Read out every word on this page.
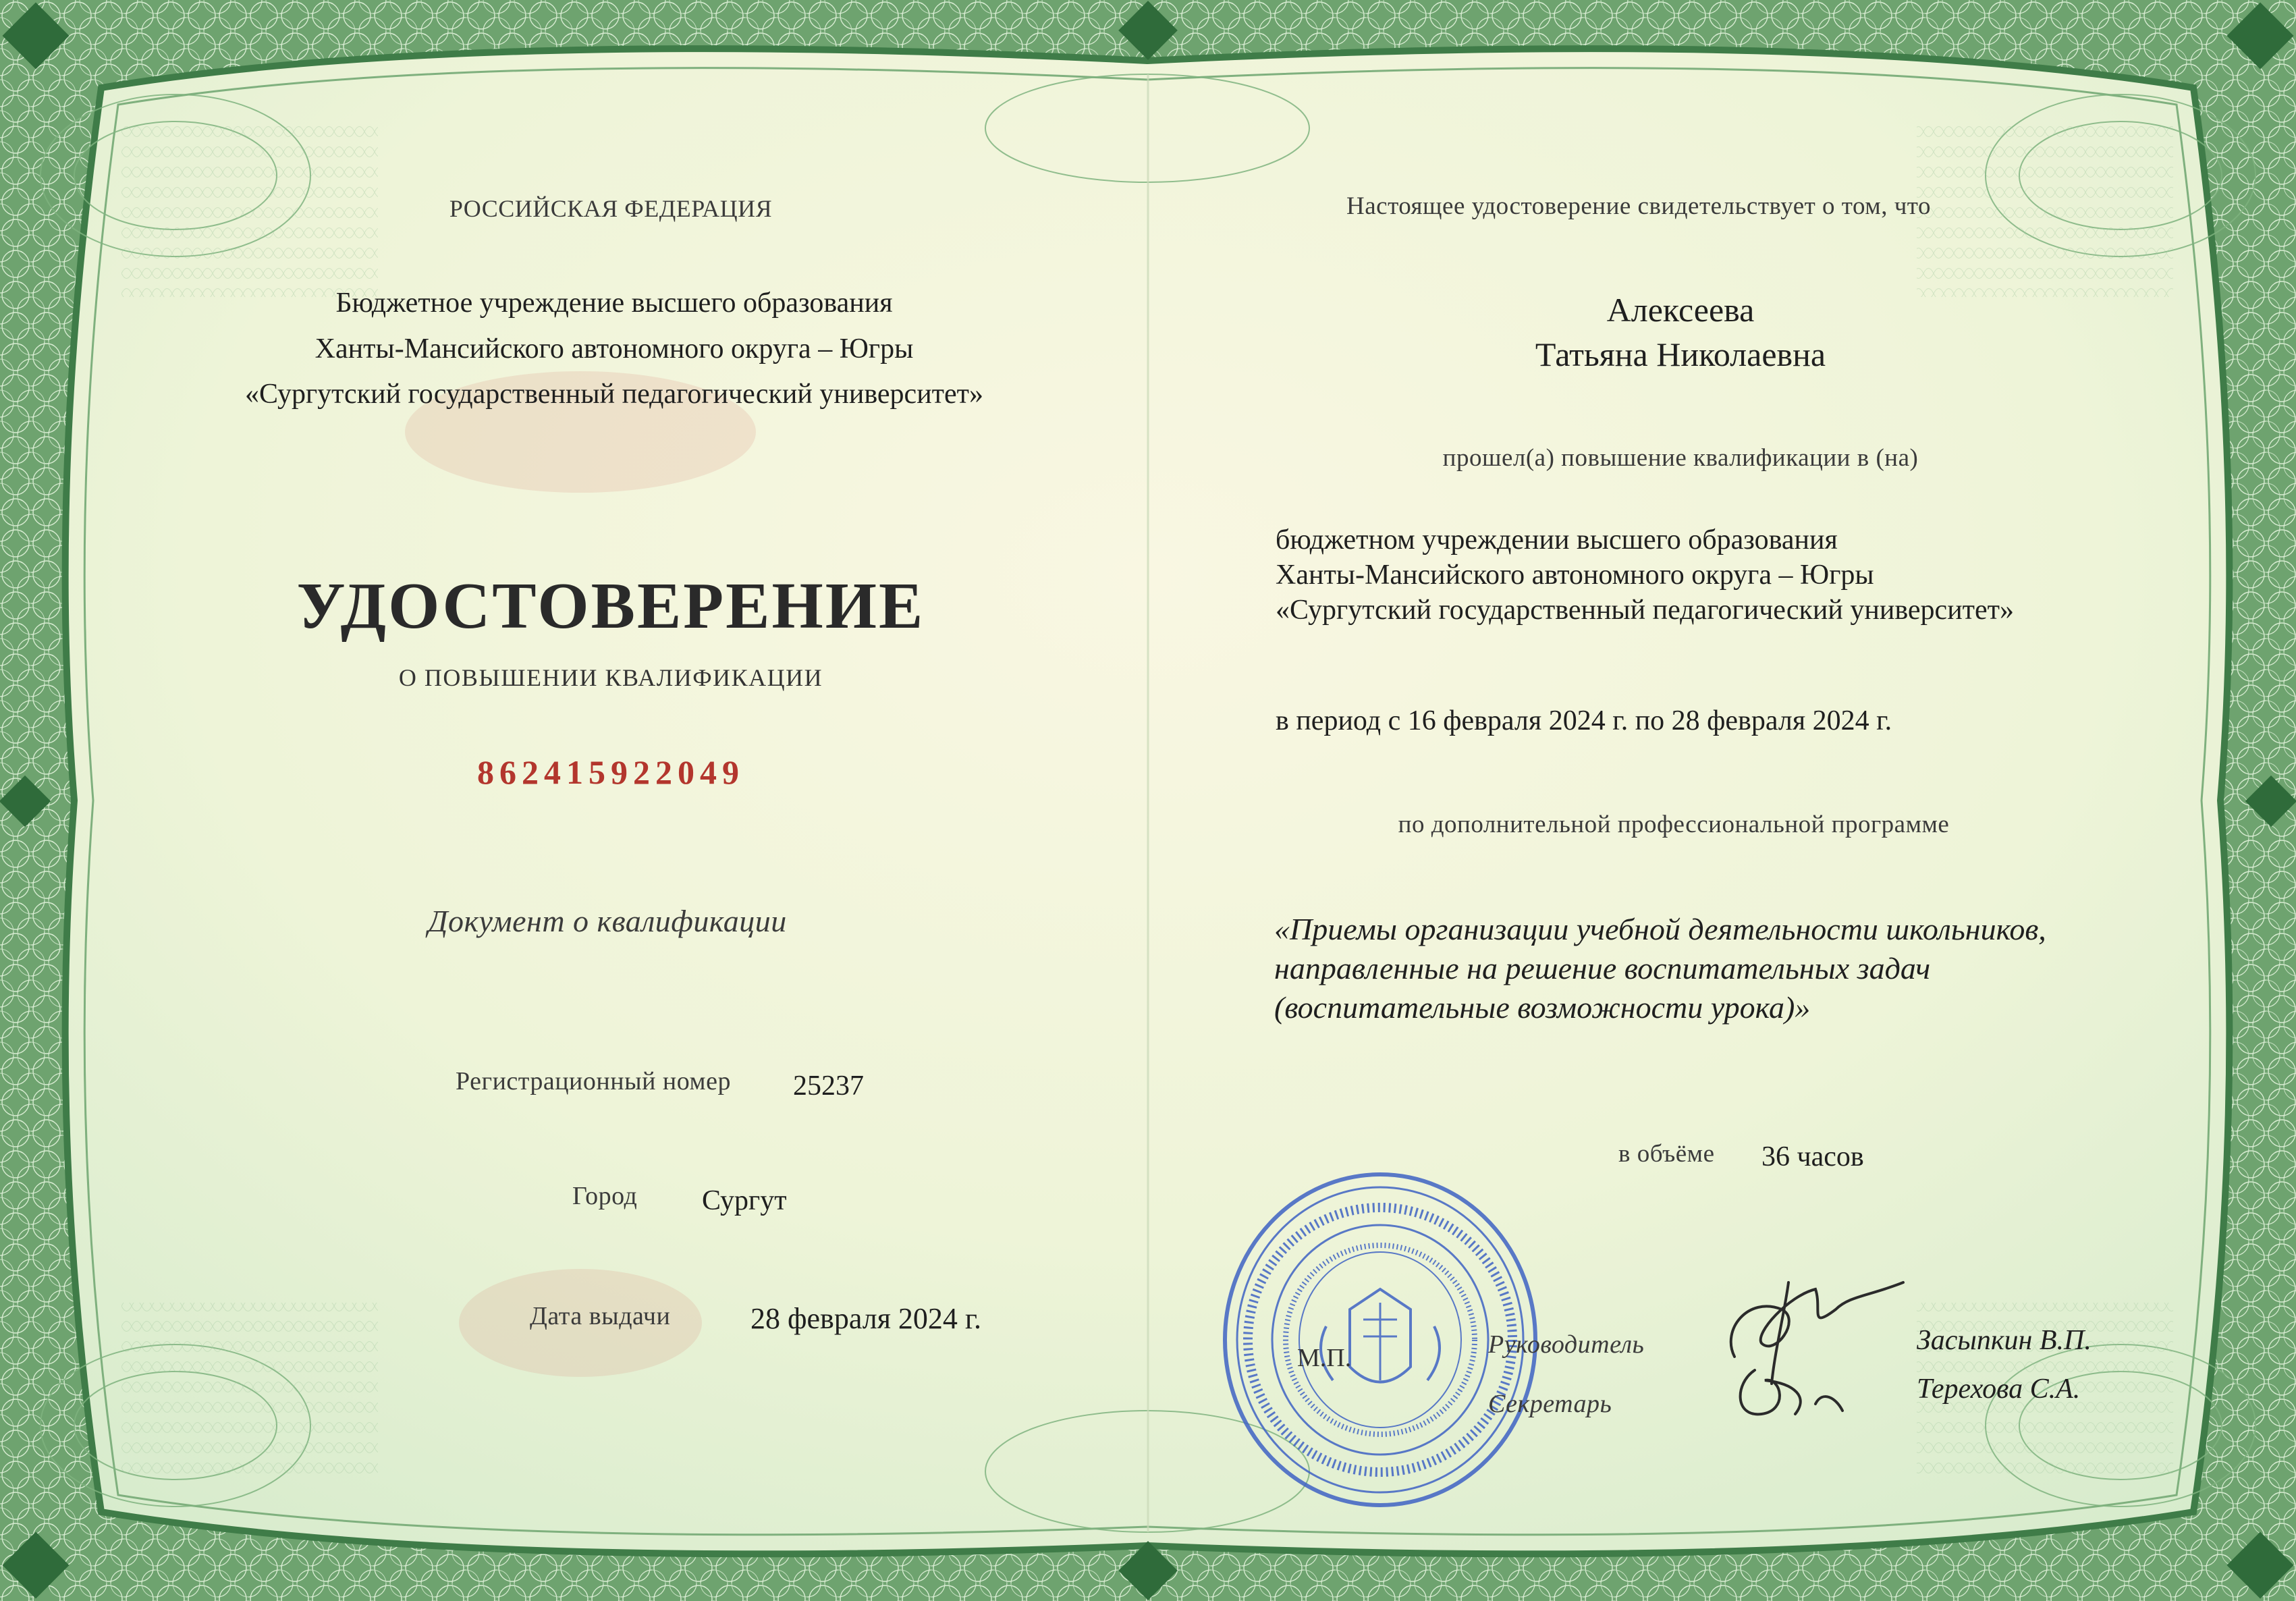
РОССИЙСКАЯ ФЕДЕРАЦИЯ
Бюджетное учреждение высшего образования
Ханты-Мансийского автономного округа – Югры
«Сургутский государственный педагогический университет»
УДОСТОВЕРЕНИЕ
О ПОВЫШЕНИИ КВАЛИФИКАЦИИ
862415922049
Документ о квалификации
Регистрационный номер 25237
Город Сургут
Дата выдачи	28 февраля 2024 г.
Настоящее удостоверение свидетельствует о том, что
Алексеева
Татьяна Николаевна
прошел(а) повышение квалификации в (на)
бюджетном учреждении высшего образования
Ханты-Мансийского автономного округа – Югры
«Сургутский государственный педагогический университет»
в период с 16 февраля 2024 г. по 28 февраля 2024 г.
по дополнительной профессиональной программе
«Приемы организации учебной деятельности школьников,
направленные на решение воспитательных задач
(воспитательные возможности урока)»
в объёме 36 часов
М.П.	Руководитель
Секретарь
Засыпкин В.П.
Терехова С.А.
